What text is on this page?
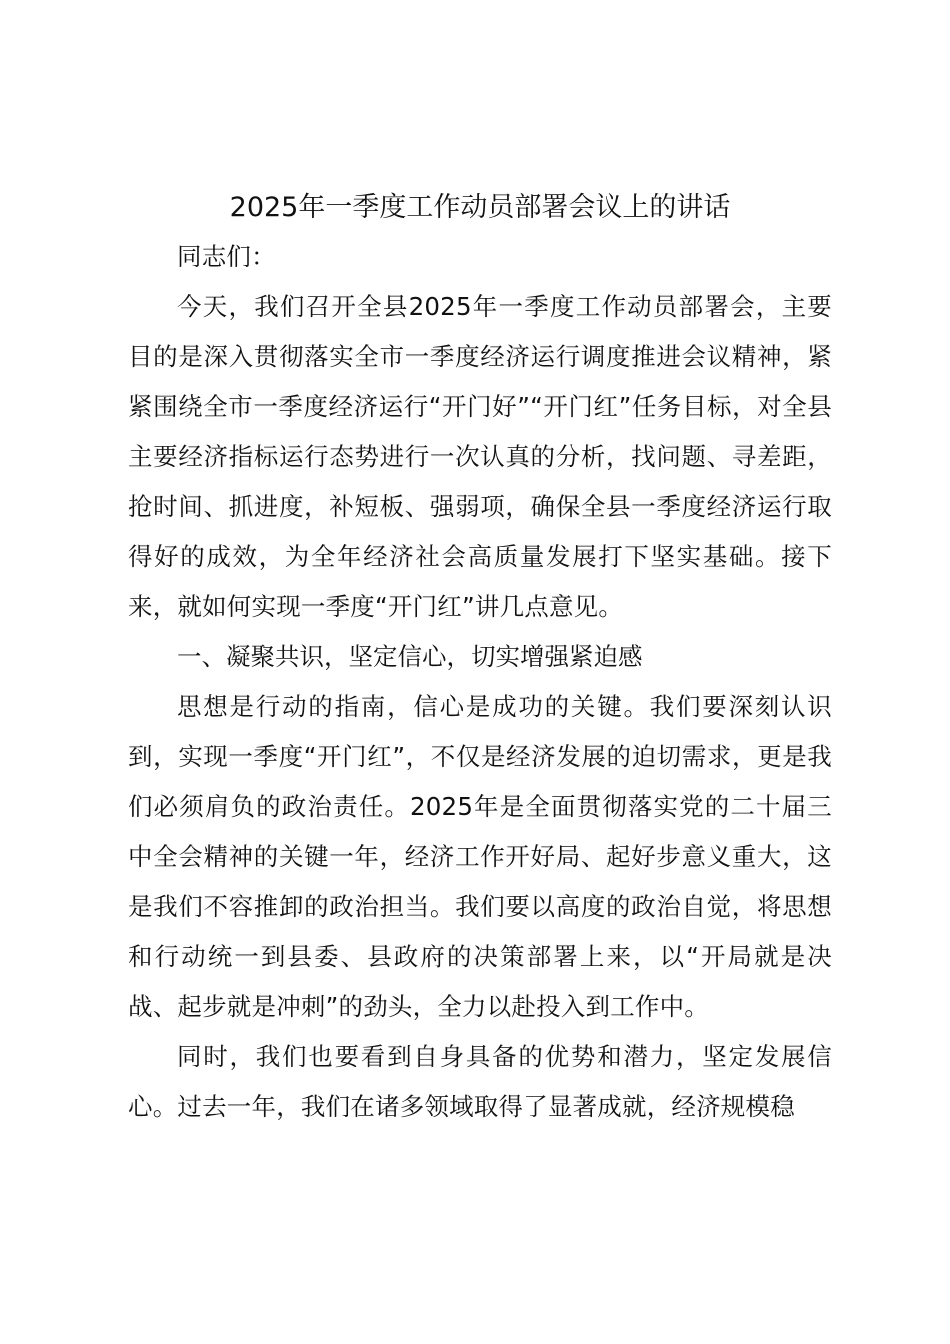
2025年一季度工作动员部署会议上的讲话

同志们：

今天，我们召开全县2025年一季度工作动员部署会，主要目的是深入贯彻落实全市一季度经济运行调度推进会议精神，紧紧围绕全市一季度经济运行“开门好”“开门红”任务目标，对全县主要经济指标运行态势进行一次认真的分析，找问题、寻差距，抢时间、抓进度，补短板、强弱项，确保全县一季度经济运行取得好的成效，为全年经济社会高质量发展打下坚实基础。接下来，就如何实现一季度“开门红”讲几点意见。

一、凝聚共识，坚定信心，切实增强紧迫感

思想是行动的指南，信心是成功的关键。我们要深刻认识到，实现一季度“开门红”，不仅是经济发展的迫切需求，更是我们必须肩负的政治责任。2025年是全面贯彻落实党的二十届三中全会精神的关键一年，经济工作开好局、起好步意义重大，这是我们不容推卸的政治担当。我们要以高度的政治自觉，将思想和行动统一到县委、县政府的决策部署上来，以“开局就是决战、起步就是冲刺”的劲头，全力以赴投入到工作中。

同时，我们也要看到自身具备的优势和潜力，坚定发展信心。过去一年，我们在诸多领域取得了显著成就，经济规模稳
